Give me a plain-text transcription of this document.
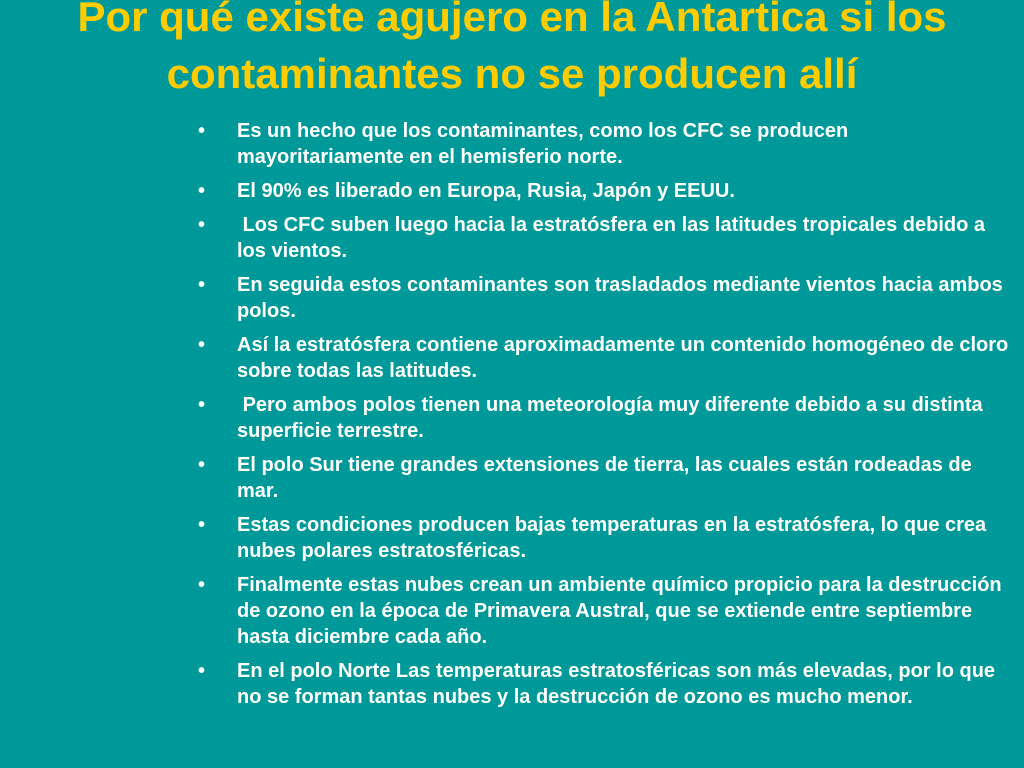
Por qué existe agujero en la Antartica si los contaminantes no se producen allí
• Es un hecho que los contaminantes, como los CFC se producen mayoritariamente en el hemisferio norte.
• El 90% es liberado en Europa, Rusia, Japón y EEUU.
• Los CFC suben luego hacia la estratósfera en las latitudes tropicales debido a los vientos.
• En seguida estos contaminantes son trasladados mediante vientos hacia ambos polos.
• Así la estratósfera contiene aproximadamente un contenido homogéneo de cloro sobre todas las latitudes.
• Pero ambos polos tienen una meteorología muy diferente debido a su distinta superficie terrestre.
• El polo Sur tiene grandes extensiones de tierra, las cuales están rodeadas de mar.
• Estas condiciones producen bajas temperaturas en la estratósfera, lo que crea nubes polares estratosféricas.
• Finalmente estas nubes crean un ambiente químico propicio para la destrucción de ozono en la época de Primavera Austral, que se extiende entre septiembre hasta diciembre cada año.
• En el polo Norte Las temperaturas estratosféricas son más elevadas, por lo que no se forman tantas nubes y la destrucción de ozono es mucho menor.
